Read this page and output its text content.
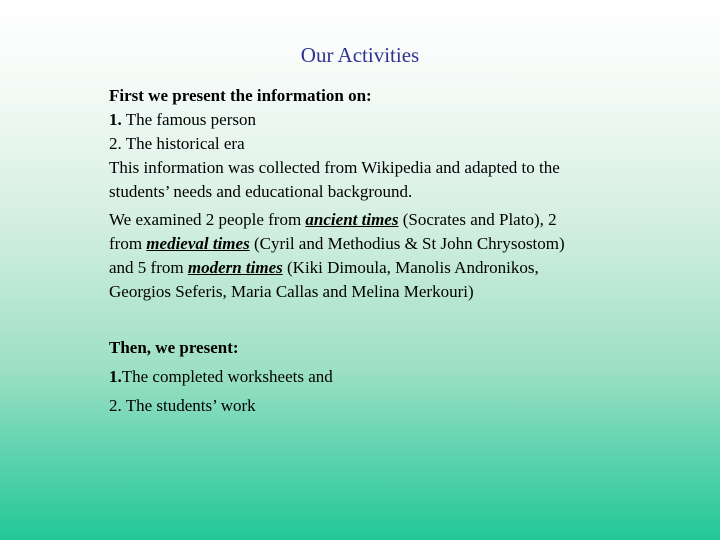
Our Activities
First we present the information on:
1. The famous person
2. The historical era
This information was collected from Wikipedia and adapted to the
students’ needs and educational background.
We examined 2 people from ancient times (Socrates and Plato), 2
from medieval times (Cyril and Methodius & St John Chrysostom)
and 5 from modern times (Kiki Dimoula, Manolis Andronikos,
Georgios Seferis, Maria Callas and Melina Merkouri)
Then, we present:
1.The completed worksheets and
2. The students’ work
